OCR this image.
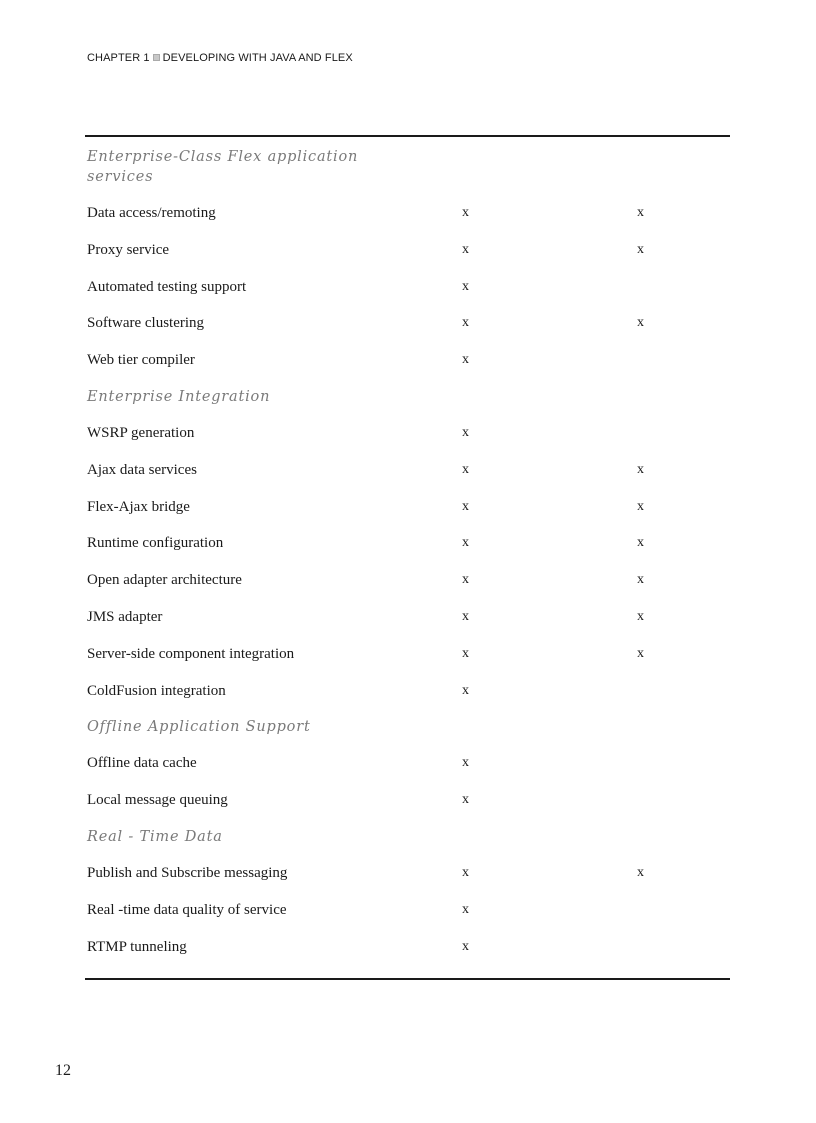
CHAPTER 1 DEVELOPING WITH JAVA AND FLEX
Enterprise-Class Flex application
services
Data access/remoting	x	x
Proxy service	x	x
Automated testing support	x
Software clustering	x	x
Web tier compiler	x
Enterprise Integration
WSRP generation	x
Ajax data services	x	x
Flex-Ajax bridge	x	x
Runtime configuration	x	x
Open adapter architecture	x	x
JMS adapter	x	x
Server-side component integration	x	x
ColdFusion integration	x
Offline Application Support
Offline data cache	x
Local message queuing	x
Real - Time Data
Publish and Subscribe messaging	x	x
Real -time data quality of service	x
RTMP tunneling	x
12
